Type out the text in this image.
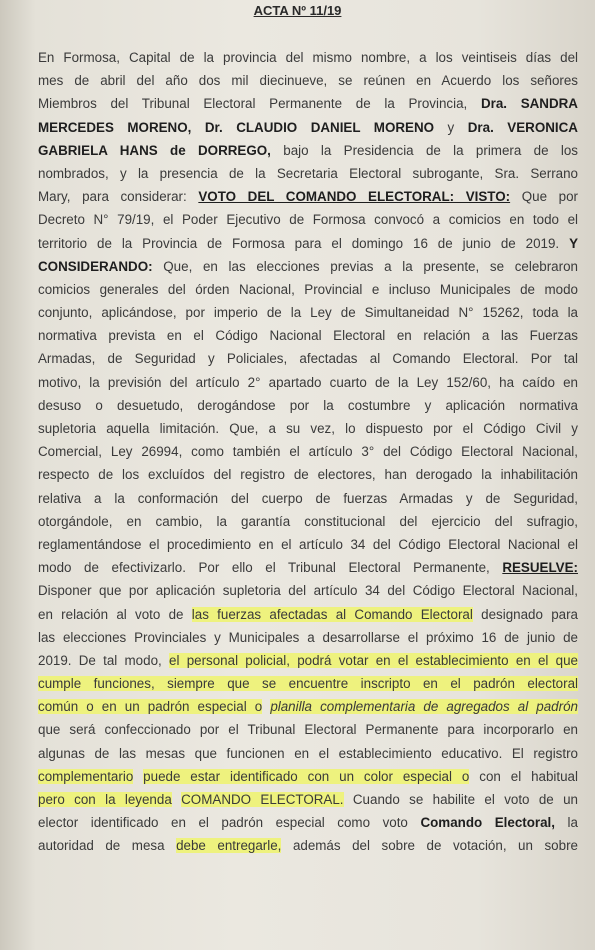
ACTA Nº 11/19
En Formosa, Capital de la provincia del mismo nombre, a los veintiseis días del
mes de abril del año dos mil diecinueve, se reúnen en Acuerdo los señores
Miembros del Tribunal Electoral Permanente de la Provincia, Dra. SANDRA
MERCEDES MORENO, Dr. CLAUDIO DANIEL MORENO y Dra. VERONICA
GABRIELA HANS de DORREGO, bajo la Presidencia de la primera de los
nombrados, y la presencia de la Secretaria Electoral subrogante, Sra. Serrano
Mary, para considerar: VOTO DEL COMANDO ELECTORAL: VISTO: Que por
Decreto N° 79/19, el Poder Ejecutivo de Formosa convocó a comicios en todo el
territorio de la Provincia de Formosa para el domingo 16 de junio de 2019. Y
CONSIDERANDO: Que, en las elecciones previas a la presente, se celebraron
comicios generales del órden Nacional, Provincial e incluso Municipales de modo
conjunto, aplicándose, por imperio de la Ley de Simultaneidad N° 15262, toda la
normativa prevista en el Código Nacional Electoral en relación a las Fuerzas
Armadas, de Seguridad y Policiales, afectadas al Comando Electoral. Por tal
motivo, la previsión del artículo 2° apartado cuarto de la Ley 152/60, ha caído en
desuso o desuetudo, derogándose por la costumbre y aplicación normativa
supletoria aquella limitación. Que, a su vez, lo dispuesto por el Código Civil y
Comercial, Ley 26994, como también el artículo 3° del Código Electoral Nacional,
respecto de los excluídos del registro de electores, han derogado la inhabilitación
relativa a la conformación del cuerpo de fuerzas Armadas y de Seguridad,
otorgándole, en cambio, la garantía constitucional del ejercicio del sufragio,
reglamentándose el procedimiento en el artículo 34 del Código Electoral Nacional el
modo de efectivizarlo. Por ello el Tribunal Electoral Permanente, RESUELVE:
Disponer que por aplicación supletoria del artículo 34 del Código Electoral Nacional,
en relación al voto de las fuerzas afectadas al Comando Electoral designado para
las elecciones Provinciales y Municipales a desarrollarse el próximo 16 de junio de
2019. De tal modo, el personal policial, podrá votar en el establecimiento en el que
cumple funciones, siempre que se encuentre inscripto en el padrón electoral
común o en un padrón especial o planilla complementaria de agregados al padrón
que será confeccionado por el Tribunal Electoral Permanente para incorporarlo en
algunas de las mesas que funcionen en el establecimiento educativo. El registro
complementario puede estar identificado con un color especial o con el habitual
pero con la leyenda COMANDO ELECTORAL. Cuando se habilite el voto de un
elector identificado en el padrón especial como voto Comando Electoral, la
autoridad de mesa debe entregarle, además del sobre de votación, un sobre
